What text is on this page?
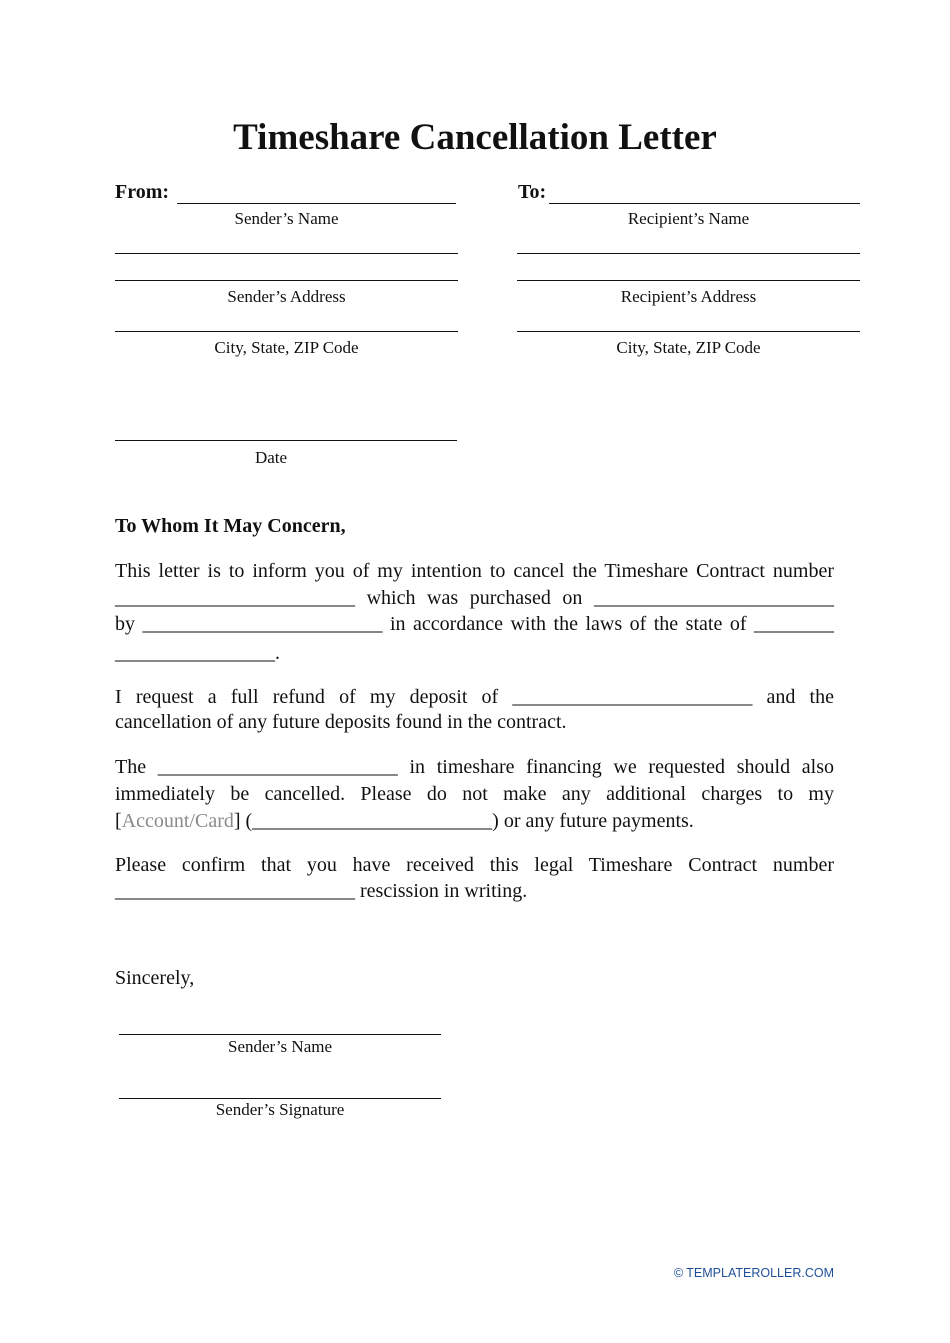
Timeshare Cancellation Letter
From:
Sender’s Name
To:
Recipient’s Name
Sender’s Address	Recipient’s Address
City, State, ZIP Code	City, State, ZIP Code
Date
To Whom It May Concern,
This letter is to inform you of my intention to cancel the Timeshare Contract number
________________________ which was purchased on ________________________
by ________________________ in accordance with the laws of the state of ________
________________.
I request a full refund of my deposit of ________________________ and the
cancellation of any future deposits found in the contract.
The ________________________ in timeshare financing we requested should also
immediately be cancelled. Please do not make any additional charges to my
[Account/Card] (________________________) or any future payments.
Please confirm that you have received this legal Timeshare Contract number
________________________ rescission in writing.
Sincerely,
Sender’s Name
Sender’s Signature
© TEMPLATEROLLER.COM
